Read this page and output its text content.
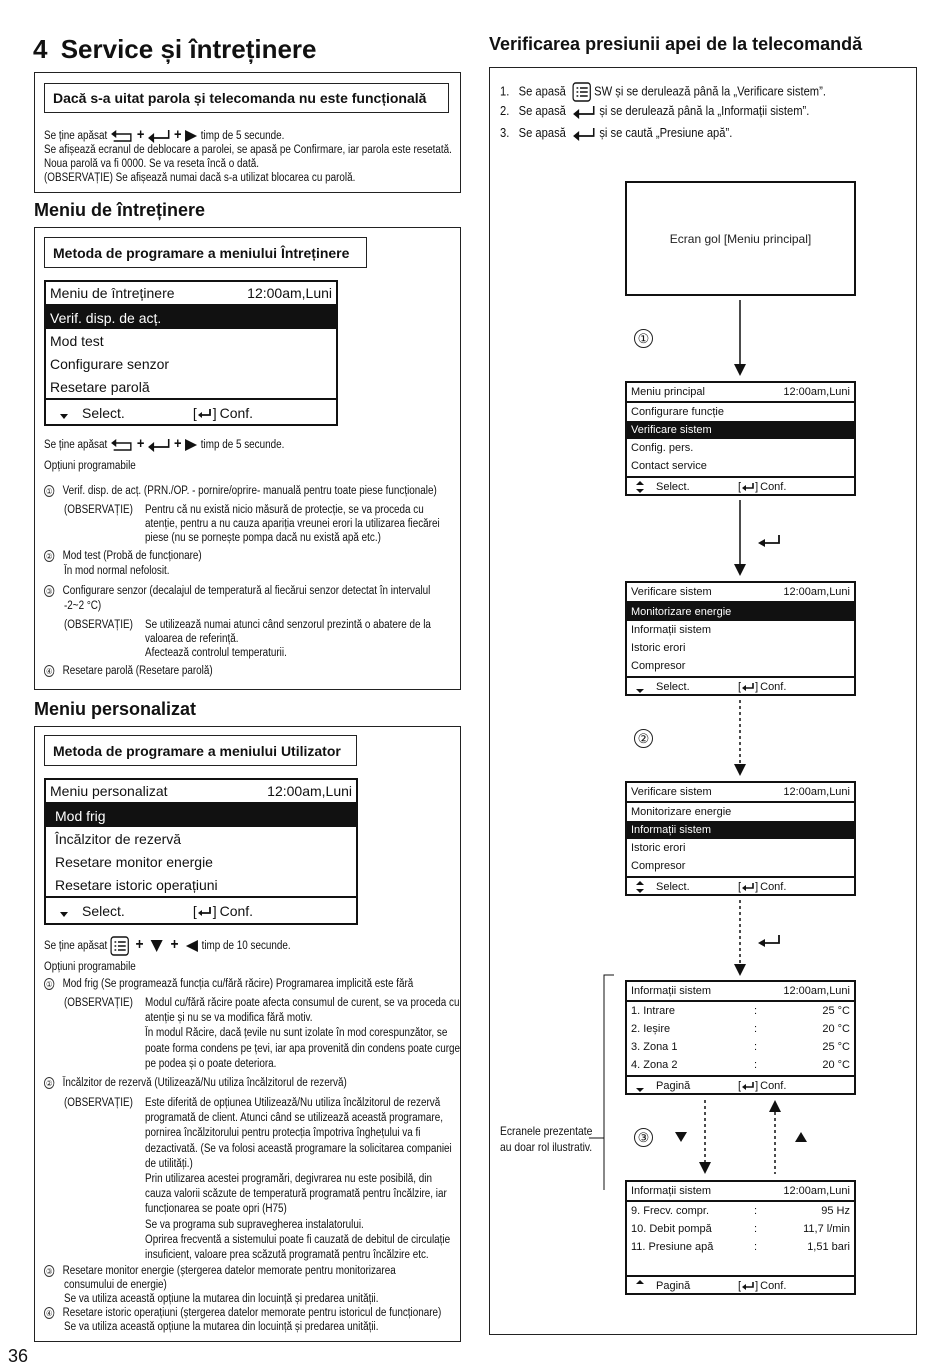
4 Service și întreținere
Dacă s-a uitat parola și telecomanda nu este funcțională
Se ține apăsat + + timp de 5 secunde.
Se afișează ecranul de deblocare a parolei, se apasă pe Confirmare, iar parola este resetată.
Noua parolă va fi 0000. Se va reseta încă o dată.
(OBSERVAȚIE) Se afișează numai dacă s-a utilizat blocarea cu parolă.
Meniu de întreținere
Metoda de programare a meniului Întreținere
Meniu de întreținere	12:00am,Luni
Verif. disp. de acț.
Mod test
Configurare senzor
Resetare parolă
Select.	[ ] Conf.
Se ține apăsat + + timp de 5 secunde.
Opțiuni programabile
① Verif. disp. de acț. (PRN./OP. - pornire/oprire- manuală pentru toate piese funcționale)
(OBSERVAȚIE) Pentru că nu există nicio măsură de protecție, se va proceda cu
atenție, pentru a nu cauza apariția vreunei erori la utilizarea fiecărei
piese (nu se pornește pompa dacă nu există apă etc.)
② Mod test (Probă de funcționare)
În mod normal nefolosit.
③ Configurare senzor (decalajul de temperatură al fiecărui senzor detectat în intervalul
-2~2 °C)
(OBSERVAȚIE) Se utilizează numai atunci când senzorul prezintă o abatere de la
valoarea de referință.
Afectează controlul temperaturii.
④ Resetare parolă (Resetare parolă)
Meniu personalizat
Metoda de programare a meniului Utilizator
Meniu personalizat	12:00am,Luni
Mod frig
Încălzitor de rezervă
Resetare monitor energie
Resetare istoric operațiuni
Select.	[ ] Conf.
Se ține apăsat   +    +   timp de 10 secunde.
Opțiuni programabile
① Mod frig (Se programează funcția cu/fără răcire) Programarea implicită este fără
(OBSERVAȚIE) Modul cu/fără răcire poate afecta consumul de curent, se va proceda cu
atenție și nu se va modifica fără motiv.
În modul Răcire, dacă țevile nu sunt izolate în mod corespunzător, se
poate forma condens pe țevi, iar apa provenită din condens poate curge
pe podea și o poate deteriora.
② Încălzitor de rezervă (Utilizează/Nu utiliza încălzitorul de rezervă)
(OBSERVAȚIE) Este diferită de opțiunea Utilizează/Nu utiliza încălzitorul de rezervă
programată de client. Atunci când se utilizează această programare,
pornirea încălzitorului pentru protecția împotriva înghețului va fi
dezactivată. (Se va folosi această programare la solicitarea companiei
de utilități.)
Prin utilizarea acestei programări, degivrarea nu este posibilă, din
cauza valorii scăzute de temperatură programată pentru încălzire, iar
funcționarea se poate opri (H75)
Se va programa sub supravegherea instalatorului.
Oprirea frecventă a sistemului poate fi cauzată de debitul de circulație
insuficient, valoare prea scăzută programată pentru încălzire etc.
③ Resetare monitor energie (ștergerea datelor memorate pentru monitorizarea
consumului de energie)
Se va utiliza această opțiune la mutarea din locuință și predarea unității.
④ Resetare istoric operațiuni (ștergerea datelor memorate pentru istoricul de funcționare)
Se va utiliza această opțiune la mutarea din locuință și predarea unității.
36
Verificarea presiunii apei de la telecomandă
1. Se apasă SW și se derulează până la „Verificare sistem”.
2. Se apasă	și se derulează până la „Informații sistem”.
3. Se apasă	și se caută „Presiune apă”.
Ecran gol [Meniu principal]
①
②
③
Ecranele prezentate
au doar rol ilustrativ.
Meniu principal	12:00am,Luni
Configurare funcție
Verificare sistem
Config. pers.
Contact service
Select.	[ ] Conf.
Verificare sistem	12:00am,Luni
Monitorizare energie
Informații sistem
Istoric erori
Compresor
Select.	[ ] Conf.
Verificare sistem	12:00am,Luni
Monitorizare energie
Informații sistem
Istoric erori
Compresor
Select.	[ ] Conf.
Informații sistem	12:00am,Luni
1. Intrare	:	25 °C
2. Ieșire	:	20 °C
3. Zona 1	:	25 °C
4. Zona 2	:	20 °C
Pagină	[ ] Conf.
Informații sistem	12:00am,Luni
9. Frecv. compr.	:	95 Hz
10. Debit pompă	:	11,7 l/min
11. Presiune apă	:	1,51 bari
Pagină	[ ] Conf.
